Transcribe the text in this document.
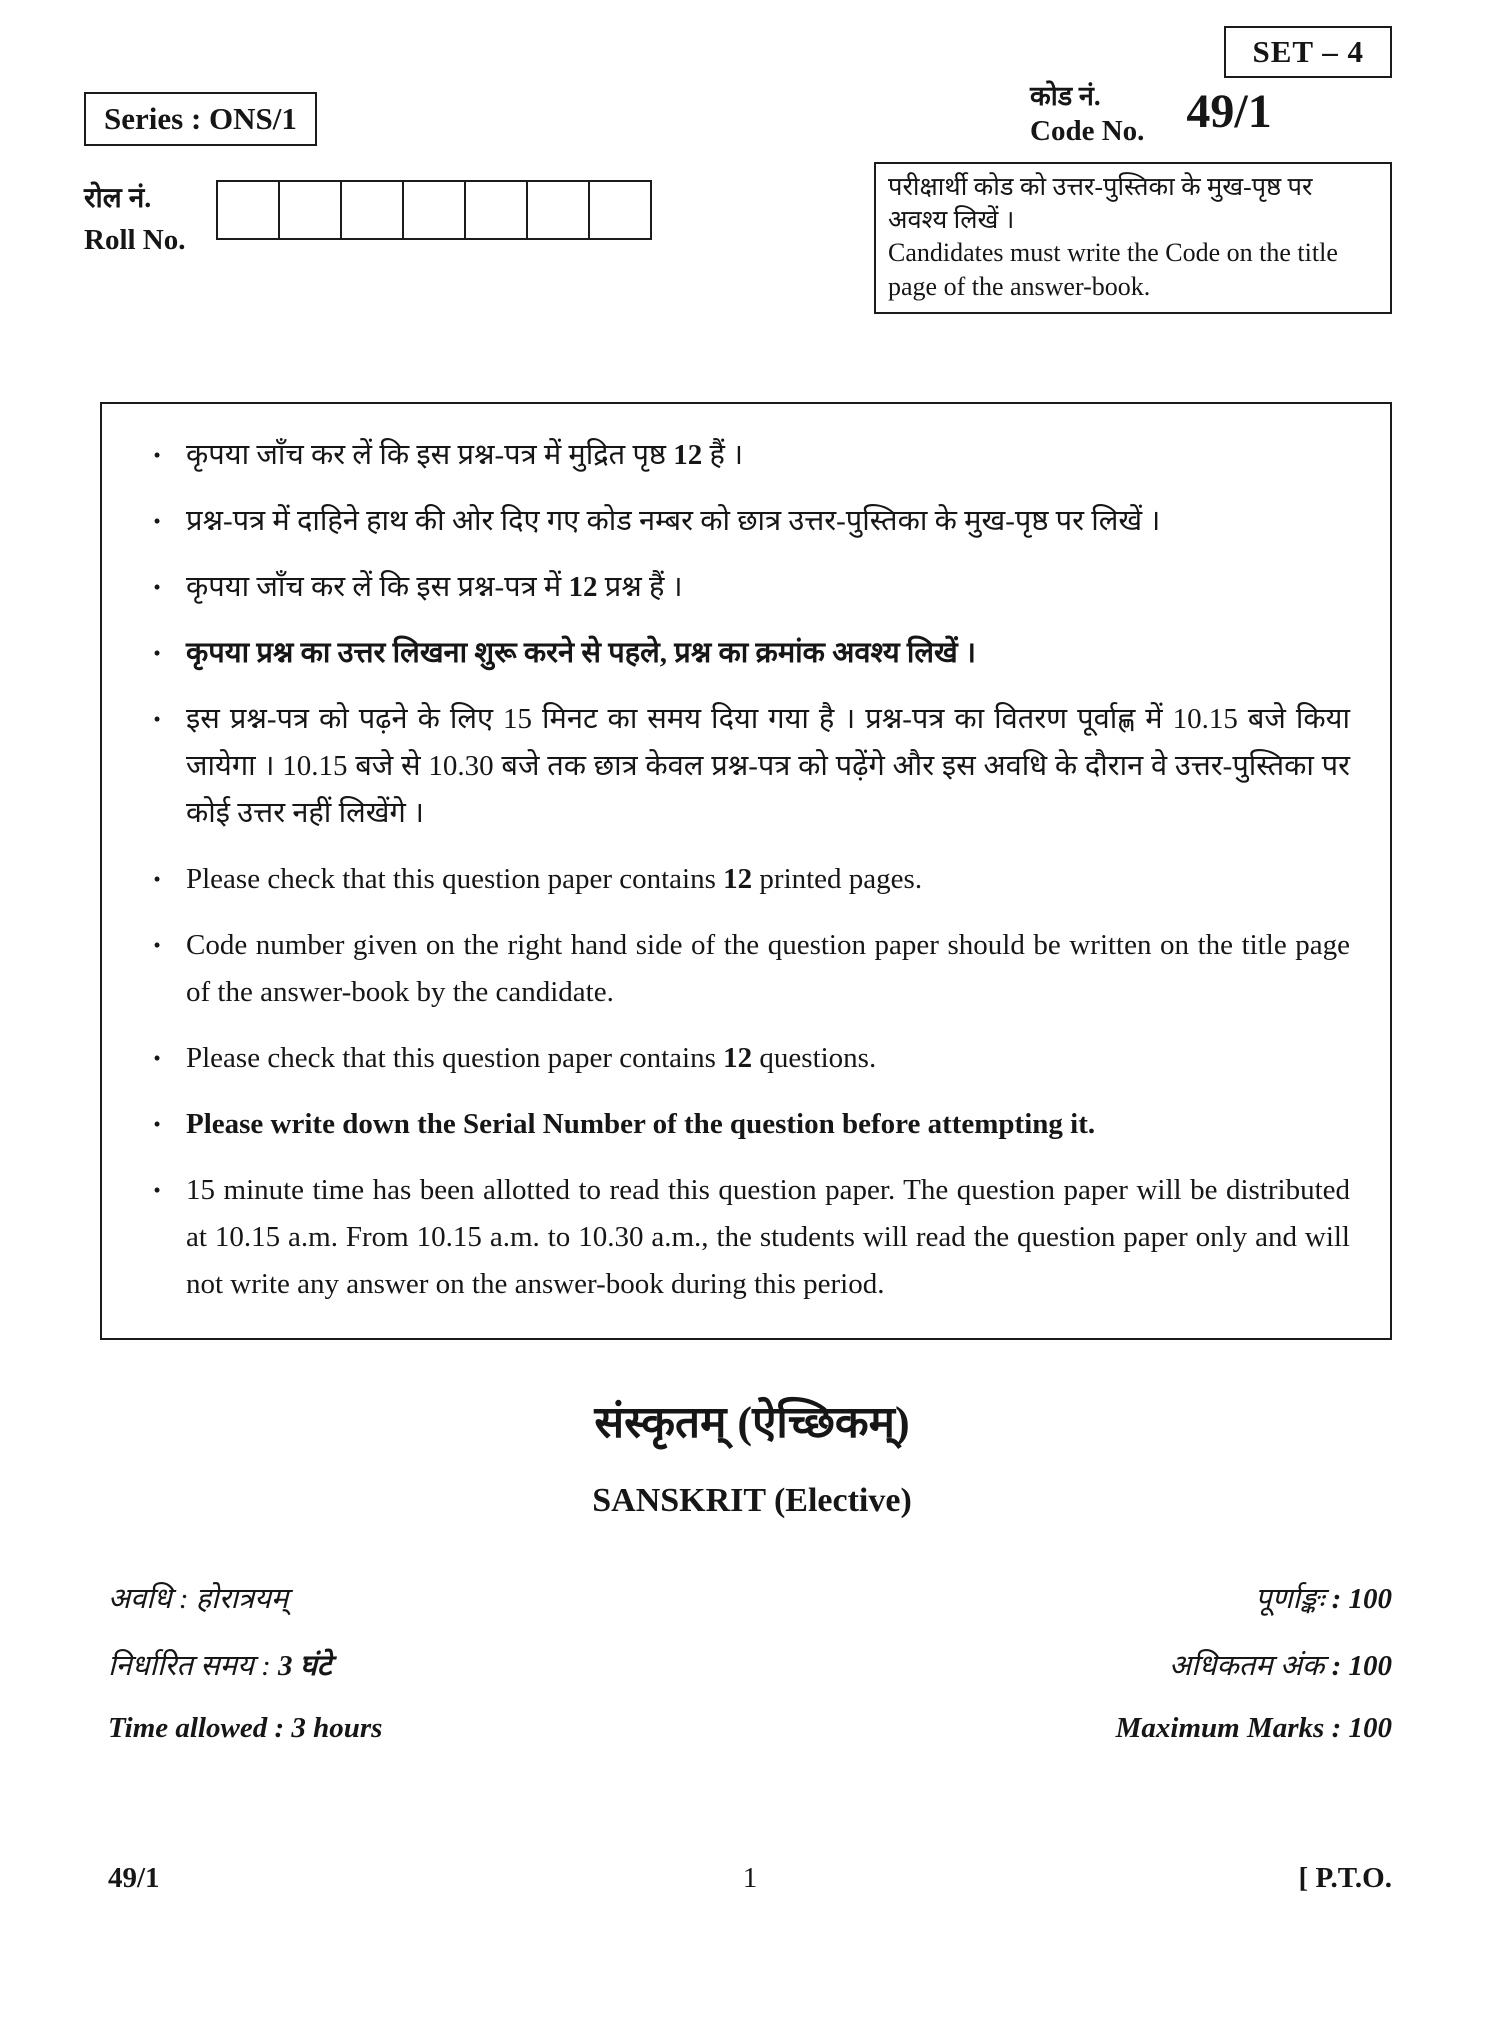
SET – 4
Series : ONS/1
कोड नं.
Code No. 49/1
रोल नं.
Roll No.
परीक्षार्थी कोड को उत्तर-पुस्तिका के मुख-पृष्ठ पर अवश्य लिखें ।
Candidates must write the Code on the title page of the answer-book.
• कृपया जाँच कर लें कि इस प्रश्न-पत्र में मुद्रित पृष्ठ 12 हैं ।
• प्रश्न-पत्र में दाहिने हाथ की ओर दिए गए कोड नम्बर को छात्र उत्तर-पुस्तिका के मुख-पृष्ठ पर लिखें ।
• कृपया जाँच कर लें कि इस प्रश्न-पत्र में 12 प्रश्न हैं ।
• कृपया प्रश्न का उत्तर लिखना शुरू करने से पहले, प्रश्न का क्रमांक अवश्य लिखें ।
• इस प्रश्न-पत्र को पढ़ने के लिए 15 मिनट का समय दिया गया है । प्रश्न-पत्र का वितरण पूर्वाह्ण में 10.15 बजे किया जायेगा । 10.15 बजे से 10.30 बजे तक छात्र केवल प्रश्न-पत्र को पढ़ेंगे और इस अवधि के दौरान वे उत्तर-पुस्तिका पर कोई उत्तर नहीं लिखेंगे ।
• Please check that this question paper contains 12 printed pages.
• Code number given on the right hand side of the question paper should be written on the title page of the answer-book by the candidate.
• Please check that this question paper contains 12 questions.
• Please write down the Serial Number of the question before attempting it.
• 15 minute time has been allotted to read this question paper. The question paper will be distributed at 10.15 a.m. From 10.15 a.m. to 10.30 a.m., the students will read the question paper only and will not write any answer on the answer-book during this period.
संस्कृतम् (ऐच्छिकम्)
SANSKRIT (Elective)
अवधि : होरात्रयम्	पूर्णाङ्कः : 100
निर्धारित समय : 3 घंटे	अधिकतम अंक : 100
Time allowed : 3 hours	Maximum Marks : 100
49/1	1	[ P.T.O.
